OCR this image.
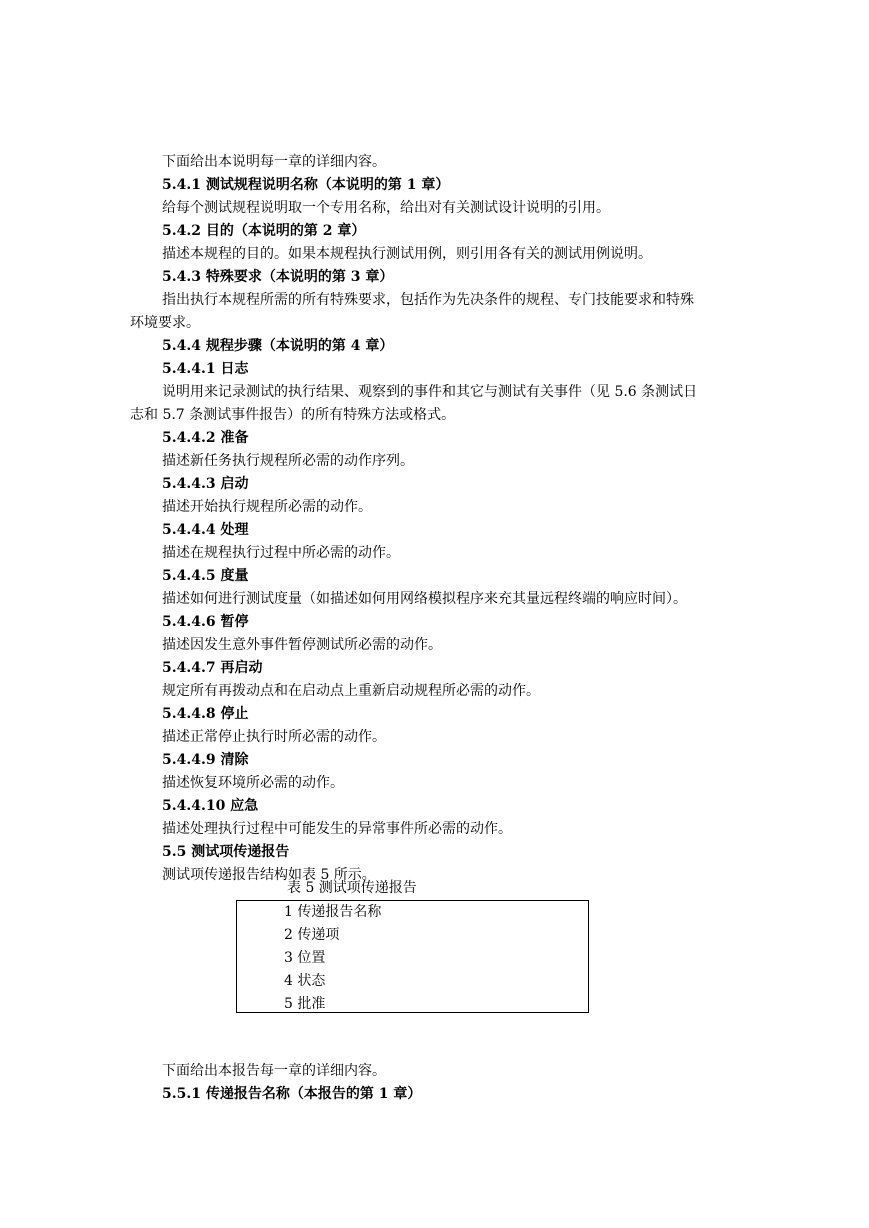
下面给出本说明每一章的详细内容。
5.4.1 测试规程说明名称（本说明的第 1 章）
给每个测试规程说明取一个专用名称，给出对有关测试设计说明的引用。
5.4.2 目的（本说明的第 2 章）
描述本规程的目的。如果本规程执行测试用例，则引用各有关的测试用例说明。
5.4.3 特殊要求（本说明的第 3 章）
指出执行本规程所需的所有特殊要求，包括作为先决条件的规程、专门技能要求和特殊
环境要求。
5.4.4 规程步骤（本说明的第 4 章）
5.4.4.1 日志
说明用来记录测试的执行结果、观察到的事件和其它与测试有关事件（见 5.6 条测试日
志和 5.7 条测试事件报告）的所有特殊方法或格式。
5.4.4.2 准备
描述新任务执行规程所必需的动作序列。
5.4.4.3 启动
描述开始执行规程所必需的动作。
5.4.4.4 处理
描述在规程执行过程中所必需的动作。
5.4.4.5 度量
描述如何进行测试度量（如描述如何用网络模拟程序来充其量远程终端的响应时间）。
5.4.4.6 暂停
描述因发生意外事件暂停测试所必需的动作。
5.4.4.7 再启动
规定所有再拨动点和在启动点上重新启动规程所必需的动作。
5.4.4.8 停止
描述正常停止执行时所必需的动作。
5.4.4.9 清除
描述恢复环境所必需的动作。
5.4.4.10 应急
描述处理执行过程中可能发生的异常事件所必需的动作。
5.5 测试项传递报告
测试项传递报告结构如表 5 所示。
表 5 测试项传递报告
1 传递报告名称
2 传递项
3 位置
4 状态
5 批准
下面给出本报告每一章的详细内容。
5.5.1 传递报告名称（本报告的第 1 章）
